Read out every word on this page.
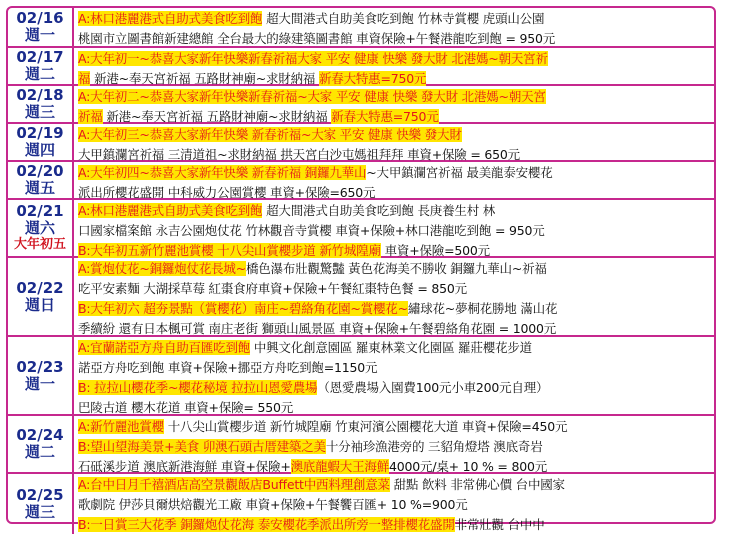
02/16
週一
A:林口港麗港式自助式美食吃到飽 超大間港式自助美食吃到飽 竹林寺賞櫻 虎頭山公園
桃園市立圖書館新建總館 全台最大的綠建築圖書館 車資保險+午餐港龍吃到飽 = 950元
02/17
週二
A:大年初一~恭喜大家新年快樂新春祈福大家 平安 健康 快樂 發大財 北港媽~朝天宮祈
福 新港~奉天宮祈福 五路財神廟~求財納福 新春大特惠=750元
02/18
週三
A:大年初二~恭喜大家新年快樂新春祈福~大家 平安 健康 快樂 發大財 北港媽~朝天宮
祈福 新港~奉天宮祈福 五路財神廟~求財納福 新春大特惠=750元
02/19
週四
A:大年初三~恭喜大家新年快樂 新春祈福~大家 平安 健康 快樂 發大財
大甲鎮瀾宮祈福 三清道祖~求財納福 拱天宮白沙屯媽祖拜拜 車資+保險 = 650元
02/20
週五
A:大年初四~恭喜大家新年快樂 新春祈福 銅鑼九華山~大甲鎮瀾宮祈福 最美龍泰安櫻花
派出所櫻花盛開 中科威力公園賞櫻 車資+保險=650元
02/21
週六
大年初五
A:林口港麗港式自助式美食吃到飽 超大間港式自助美食吃到飽 長庚養生村 林
口國家檔案館 永吉公園炮仗花 竹林觀音寺賞櫻 車資+保險+林口港龍吃到飽 = 950元
B:大年初五新竹麗池賞櫻 十八尖山賞櫻步道 新竹城隍廟 車資+保險=500元
02/22
週日
A:賞炮仗花~銅鑼炮仗花長城~橋色瀑布壯觀驚豔 黃色花海美不勝收 銅鑼九華山~祈福
吃平安素麵 大湖採草莓 紅棗食府車資+保險+午餐紅棗特色餐 = 850元
B:大年初六 超夯景點（賞櫻花）南庄~碧絡角花園~賞櫻花~繡球花~夢桐花勝地 滿山花
季續紛 還有日本楓可賞 南庄老街 獅頭山風景區 車資+保險+午餐碧絡角花園 = 1000元
02/23
週一
A:宜蘭諾亞方舟自助百匯吃到飽 中興文化創意園區 羅東林業文化園區 羅莊櫻花步道
諾亞方舟吃到飽 車資+保險+挪亞方舟吃到飽=1150元
B: 拉拉山櫻花季~櫻花秘境 拉拉山恩愛農場（恩愛農場入園費100元小車200元自理）
巴陵古道 櫻木花道 車資+保險= 550元
02/24
週二
A:新竹麗池賞櫻 十八尖山賞櫻步道 新竹城隍廟 竹東河濱公園櫻花大道 車資+保險=450元
B:望山望海美景+美食 卯澳石頭古厝建築之美十分袖珍漁港旁的 三貂角燈塔 澳底奇岩
石砥溪步道 澳底新港海鮮 車資+保險+澳底龍蝦大王海鮮4000元/桌+ 10 % = 800元
02/25
週三
A:台中日月千禧酒店高空景觀飯店Buffett中西料理創意菜 甜點 飲料 非常佛心價 台中國家
歌劇院 伊莎貝爾烘焙觀光工廠 車資+保險+午餐饗百匯+ 10 %=900元
B:一日賞三大花季 銅鑼炮仗花海 泰安櫻花季派出所旁一整排櫻花盛開非常壯觀 台中中
